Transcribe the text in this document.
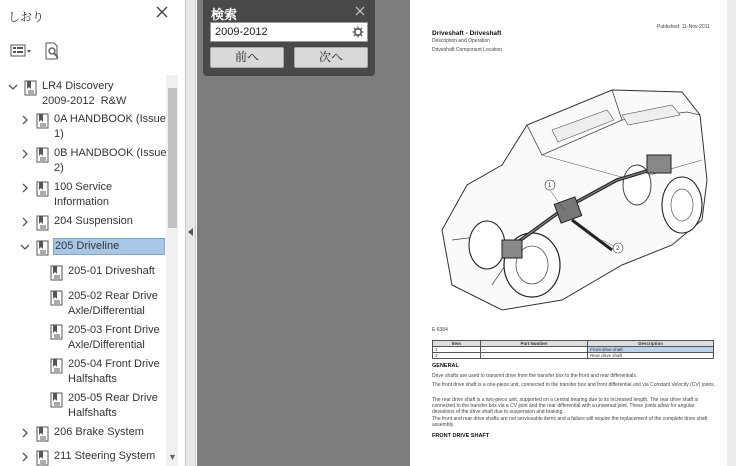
しおり
LR4 Discovery
2009-2012  R&W
0A HANDBOOK (Issue
1)
0B HANDBOOK (Issue
2)
100 Service
Information
204 Suspension
205 Driveline
205-01 Driveshaft
205-02 Rear Drive
Axle/Differential
205-03 Front Drive
Axle/Differential
205-04 Front Drive
Halfshafts
205-05 Rear Drive
Halfshafts
206 Brake System
211 Steering System ▼
Published: 11-Nov-2011
Driveshaft - Driveshaft
Description and Operation
Driveshaft Component Location
1
2
E 6384
Item	Part Number	Description
1	-	Front drive shaft
2	-	Rear drive shaft
GENERAL
Drive shafts are used to transmit drive from the transfer box to the front and rear differentials.
The front drive shaft is a one-piece unit, connected to the transfer box and front differential unit via Constant Velocity (CV) joints.
The rear drive shaft is a two-piece unit, supported on a central bearing due to its increased length. The rear drive shaft is connected to the transfer box via a CV joint and the rear differential with a universal joint. These joints allow for angular deviations of the drive shaft due to suspension and braking.
The front and rear drive shafts are not serviceable items and a failure will require the replacement of the complete drive shaft assembly.
FRONT DRIVE SHAFT
検索
2009-2012
前へ	次へ
